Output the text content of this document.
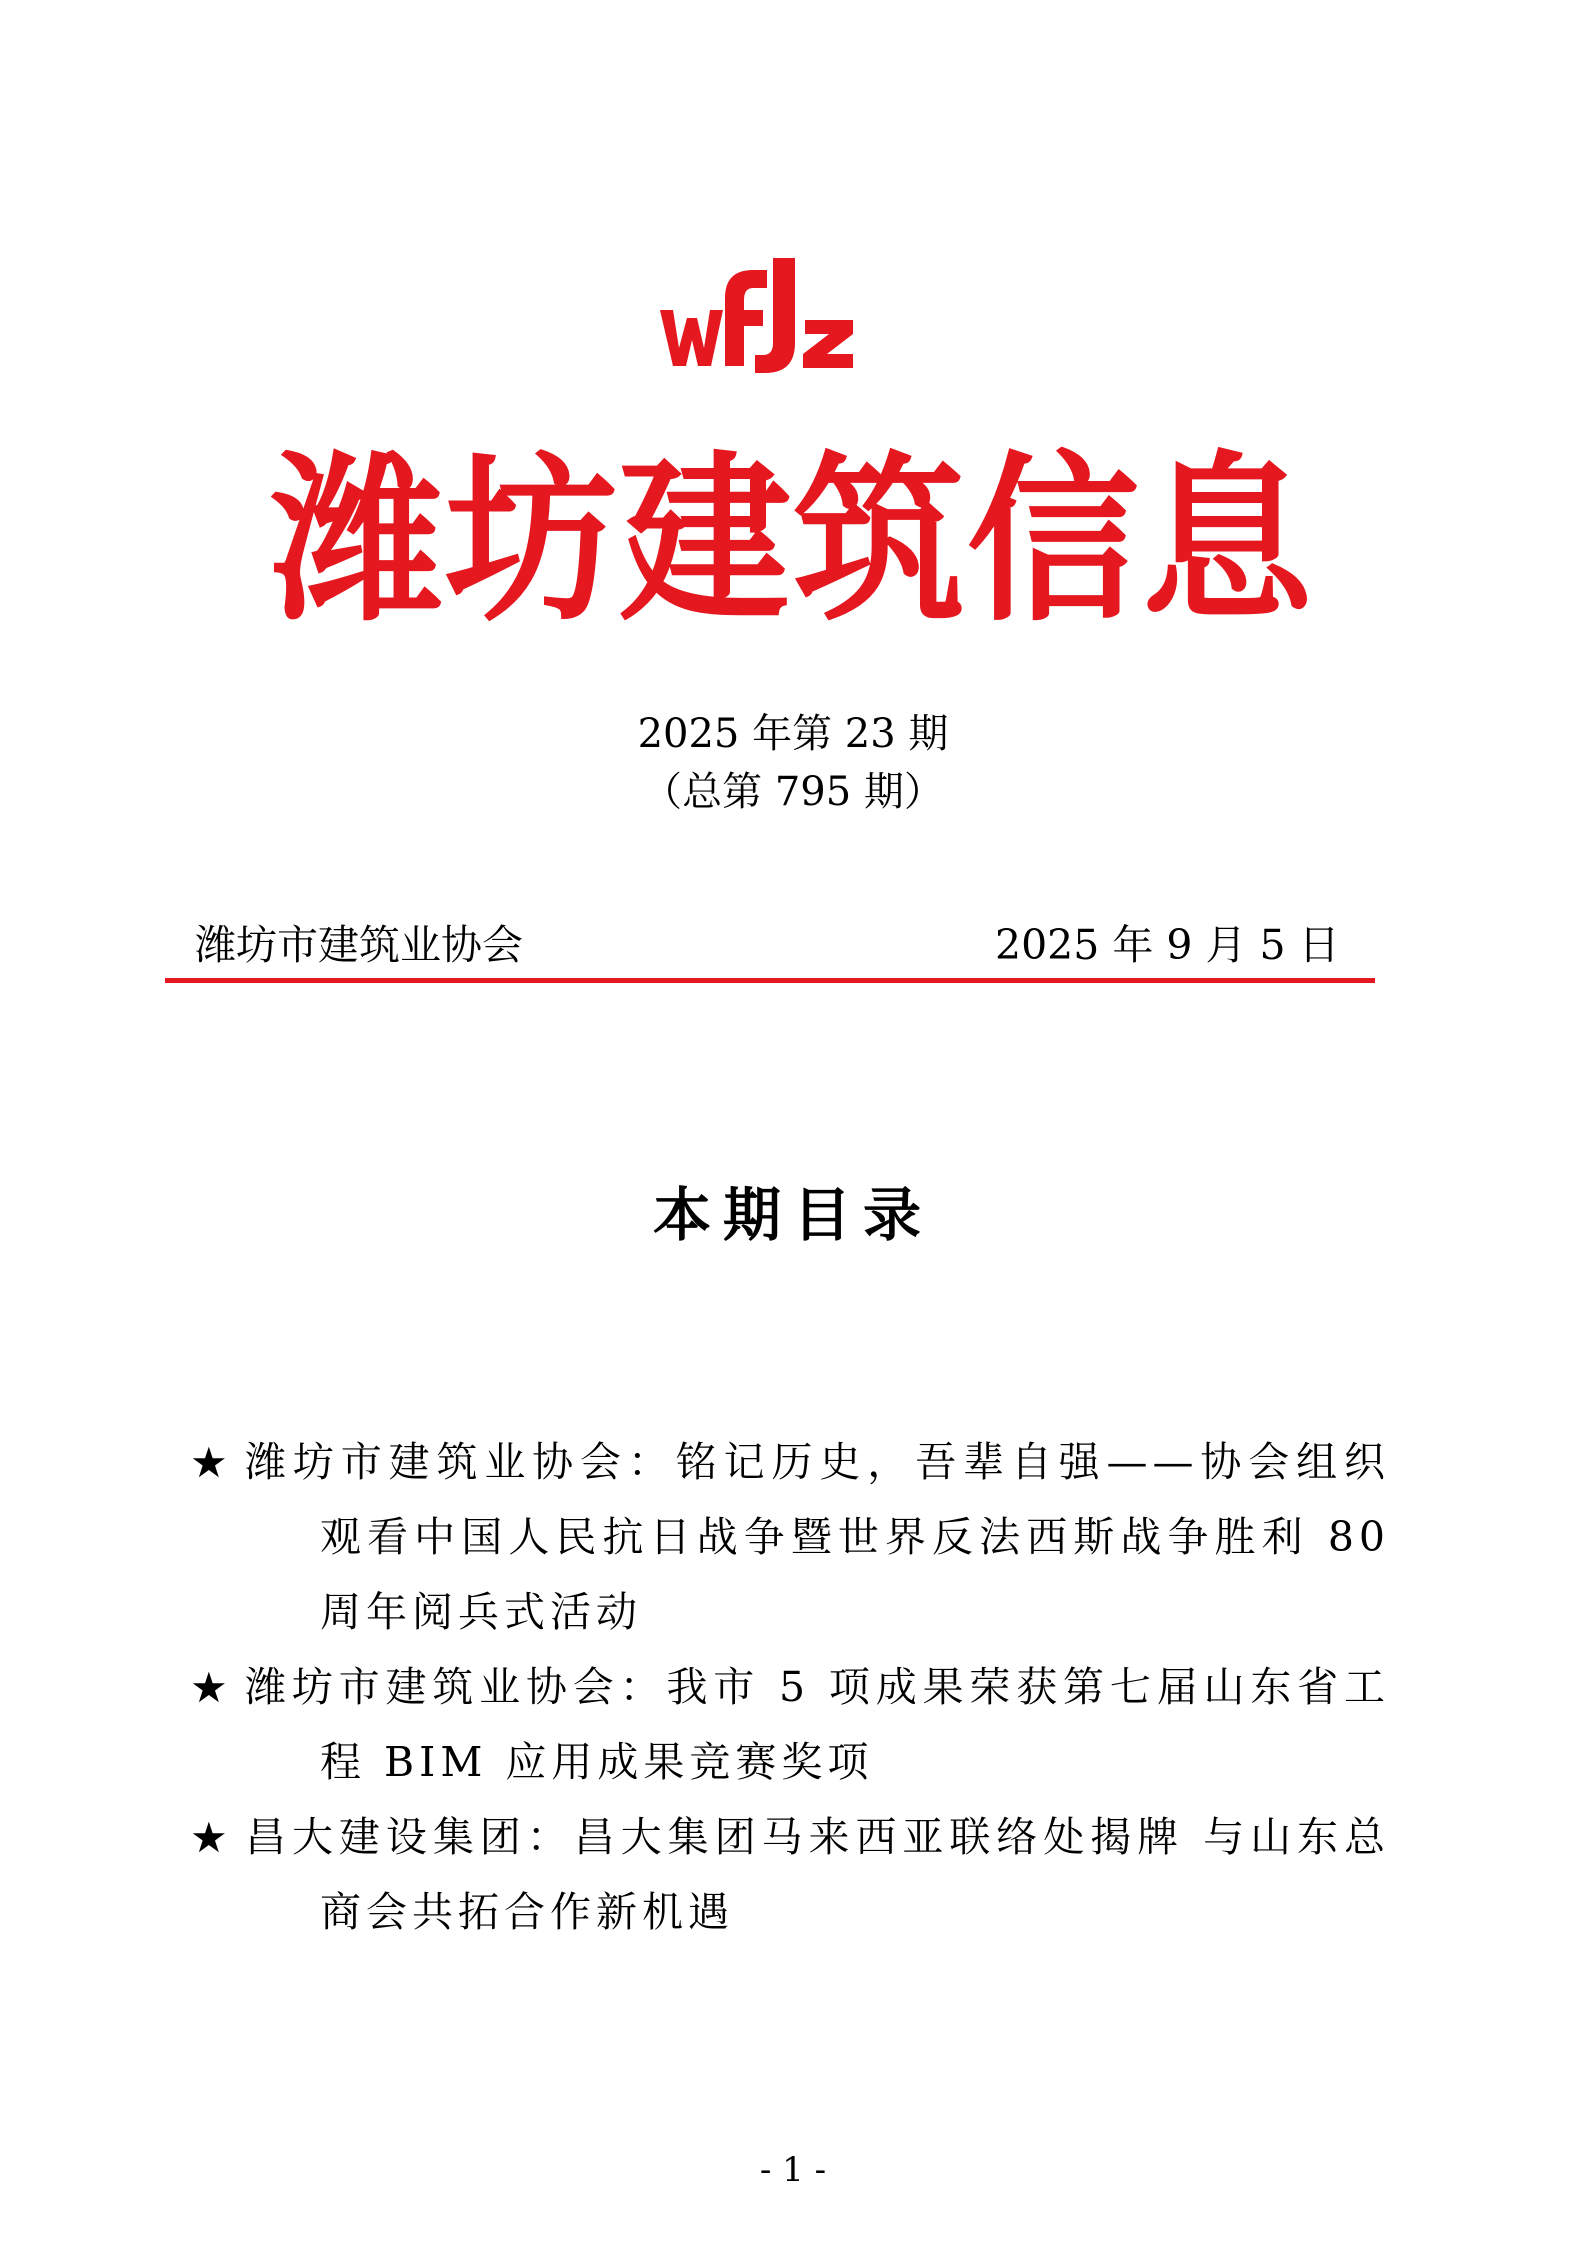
潍坊建筑信息
2025 年第 23 期
（总第 795 期）
潍坊市建筑业协会	2025 年 9 月 5 日
本期目录
★ 潍坊市建筑业协会：铭记历史，吾辈自强——协会组织观看中国人民抗日战争暨世界反法西斯战争胜利 80 周年阅兵式活动
★ 潍坊市建筑业协会：我市 5 项成果荣获第七届山东省工程 BIM 应用成果竞赛奖项
★ 昌大建设集团：昌大集团马来西亚联络处揭牌 与山东总商会共拓合作新机遇
- 1 -
